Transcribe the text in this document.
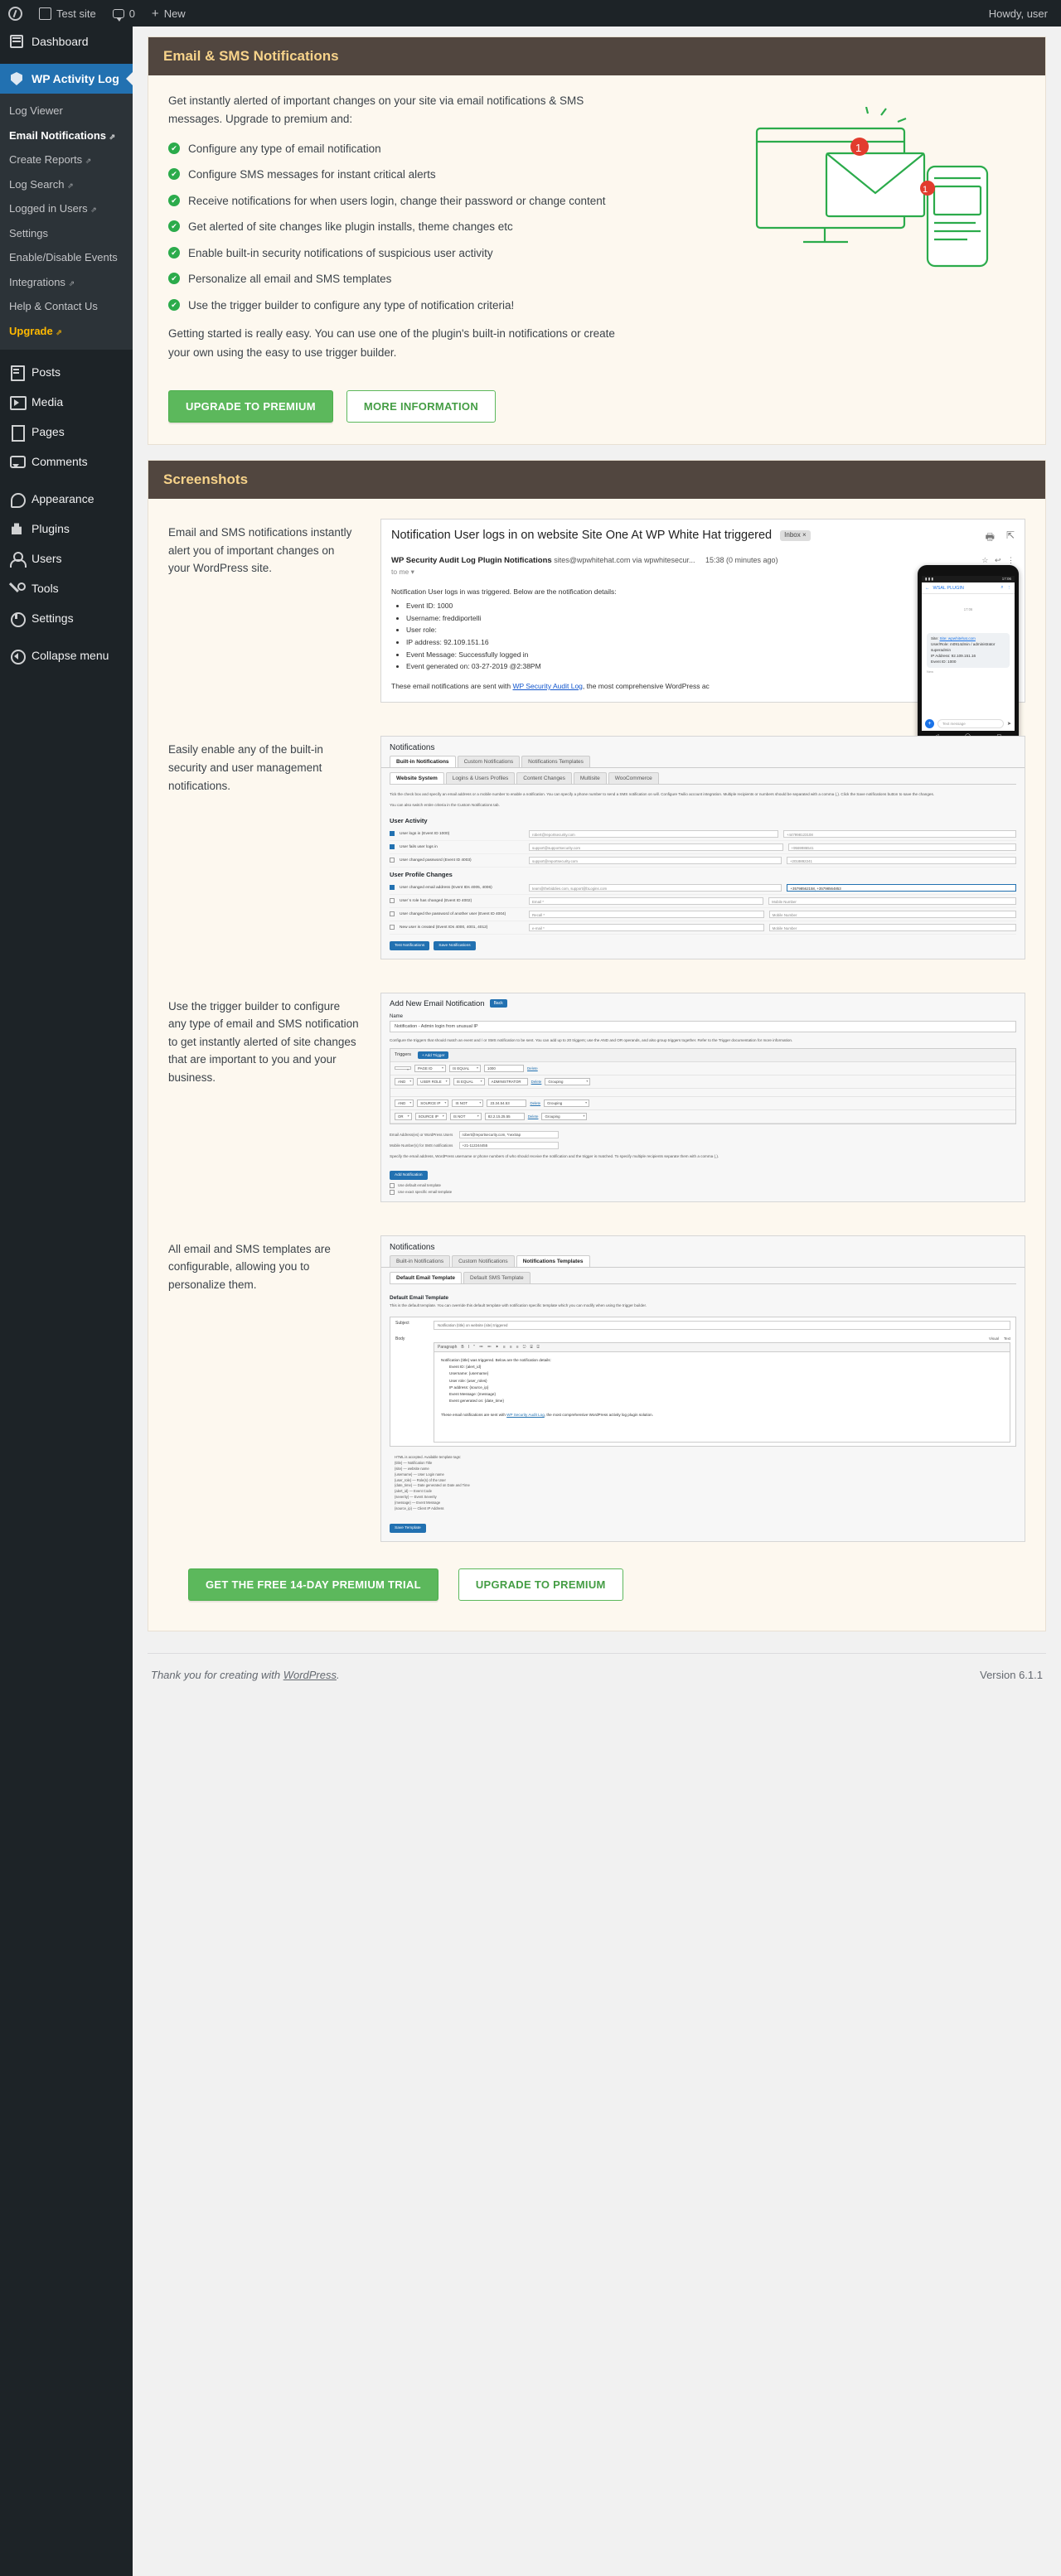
Test site	0 + New	Howdy, user
Dashboard
WP Activity Log
Log Viewer
Email Notifications ⇗
Create Reports ⇗
Log Search ⇗
Logged in Users ⇗
Settings
Enable/Disable Events
Integrations ⇗
Help & Contact Us
Upgrade ⇗
Posts
Media
Pages
Comments
Appearance
Plugins
Users
Tools
Settings
Collapse menu
Email & SMS Notifications

Get instantly alerted of important changes on your site via email notifications & SMS messages. Upgrade to premium and:

✔ Configure any type of email notification
✔ Configure SMS messages for instant critical alerts
✔ Receive notifications for when users login, change their password or change content
✔ Get alerted of site changes like plugin installs, theme changes etc
✔ Enable built-in security notifications of suspicious user activity
✔ Personalize all email and SMS templates
✔ Use the trigger builder to configure any type of notification criteria!

Getting started is really easy. You can use one of the plugin's built-in notifications or create your own using the easy to use trigger builder.

1
1
UPGRADE TO PREMIUM	MORE INFORMATION
Screenshots
Email and SMS notifications instantly alert you of important changes on your WordPress site.
🖶 ⇱
Notification User logs in on website Site One At WP White Hat triggered Inbox ×
☆   ↩   ⋮
WP Security Audit Log Plugin Notifications sites@wpwhitehat.com via wpwhitesecur... 15:38 (0 minutes ago)
to me ▾
Notification User logs in was triggered. Below are the notification details:
• Event ID: 1000
• Username: freddiportelli
• User role:
• IP address: 92.109.151.16
• Event Message: Successfully logged in
• Event generated on: 03-27-2019 @2:38PM
These email notifications are sent with WP Security Audit Log, the most comprehensive WordPress ac
▮ ▮ ▮	17:06
← WSAL PLUGIN	⌕ ⋮
17:06
Site: Site: wpwhitehat.com
User/Role: m0914dmin / administrator
superadmin
IP Address: 92.109.151.16
Event ID: 1000
New
+	Text message	➤
Easily enable any of the built-in security and user management notifications.
Notifications
Built-in Notifications	Custom Notifications	Notifications Templates
Website System	Logins & Users Profiles	Content Changes	Multisite	WooCommerce
Tick the check box and specify an email address or a mobile number to enable a notification. You can specify a phone number to send a SMS notification on will. Configure Twilio account integration. Multiple recipients or numbers should be separated with a comma (,). Click the Save notifications button to save the changes.
You can also switch entire criteria in the Custom Notifications tab.
User Activity
User logs in (Event ID 1000)	robert@reportsecurity.com	+447998123108
User fails user logs in	support@supportsecurity.com	+9569986541
User changed password (Event ID 4003)	support@reportsecurity.com	+2018892241
User Profile Changes
User changed email address (Event IDs 4005, 4006)	team@thebiddies.com, support@bLogins.com	+35798562158, +35798564853
User`s role has changed (Event ID 4002)	Email *	Mobile Number
User changed the password of another user (Event ID 4004)	Recall *	Mobile Number
New user is created (Event IDs 4000, 4001, 4012)	e-mail *	Mobile Number
Test Notifications	Save Notifications
Use the trigger builder to configure any type of email and SMS notification to get instantly alerted of site changes that are important to you and your business.
Add New Email Notification	Back
Name
Notification - Admin login from unusual IP
Configure the triggers that should match an event and / or SMS notification to be sent. You can add up to 20 triggers; use the AND and OR operands, and also group triggers together. Refer to the Trigger documentation for more information.
Triggers	+ Add Trigger
▾
PAGE ID ▾	IS EQUAL ▾	1000	Delete
AND ▾	USER ROLE ▾	IS EQUAL ▾	ADMINISTRATOR	Delete	Grouping ▾
AND ▾	SOURCE IP ▾	IS NOT ▾	23.34.54.53	Delete	Grouping ▾
OR ▾	SOURCE IP ▾	IS NOT ▾	82.2.15.25.55	Delete	Grouping ▾
Email Address(es) or WordPress Users	robert@reportsecurity.com, *nextrap
Mobile Number(s) for SMS notifications	+21-112244455
Specify the email address, WordPress username or phone numbers of who should receive the notification and the trigger is matched. To specify multiple recipients separate them with a comma (,).
Add Notification
Use default email template
Use exact specific email template
All email and SMS templates are configurable, allowing you to personalize them.
Notifications
Built-in Notifications	Custom Notifications	Notifications Templates
Default Email Template	Default SMS Template
Default Email Template
This is the default template. You can override this default template with notification specific template which you can modify when using the trigger builder.
Subject	Notification {title} on website {site} triggered
Body	Visual Text
Paragraph B I " ≔ ≕ ⯈ ≡ ≡ ≡ ⎋ ⌸ ⌹
Notification {title} was triggered. Below are the notification details:
Event ID: {alert_id}
Username: {username}
User role: {user_roles}
IP address: {source_ip}
Event Message: {message}
Event generated on: {date_time}
These email notifications are sent with WP Security Audit Log, the most comprehensive WordPress activity log plugin solution.
HTML is accepted. Available template tags:
{title} — Notification Title
{site} — website name
{username} — User Login name
{user_role} — Role(s) of the User
{date_time} — Date generated on Date and Time
{alert_id} — Event Code
{severity} — Event Severity
{message} — Event Message
{source_ip} — Client IP Address
Save Template
GET THE FREE 14-DAY PREMIUM TRIAL	UPGRADE TO PREMIUM
Thank you for creating with WordPress.	Version 6.1.1
